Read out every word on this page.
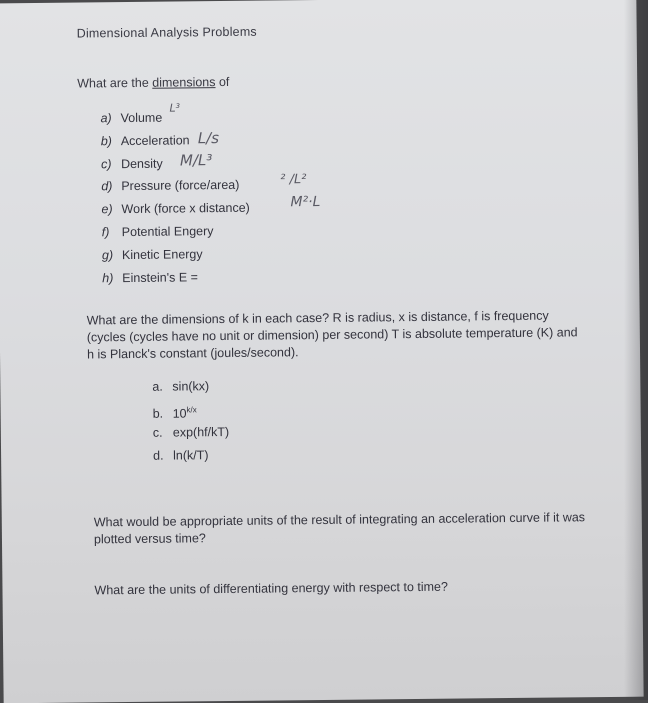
Dimensional Analysis Problems
What are the dimensions of
a) Volume
b) Acceleration
c) Density
d) Pressure (force/area)
e) Work (force x distance)
f) Potential Engery
g) Kinetic Energy
h) Einstein's E =
L³
L/s
M/L³
² /L²
M²·L
What are the dimensions of k in each case? R is radius, x is distance, f is frequency (cycles (cycles have no unit or dimension) per second) T is absolute temperature (K) and h is Planck's constant (joules/second).
a. sin(kx)
b. $10^{k/x}$
c. exp(hf/kT)
d. ln(k/T)
What would be appropriate units of the result of integrating an acceleration curve if it was plotted versus time?
What are the units of differentiating energy with respect to time?
